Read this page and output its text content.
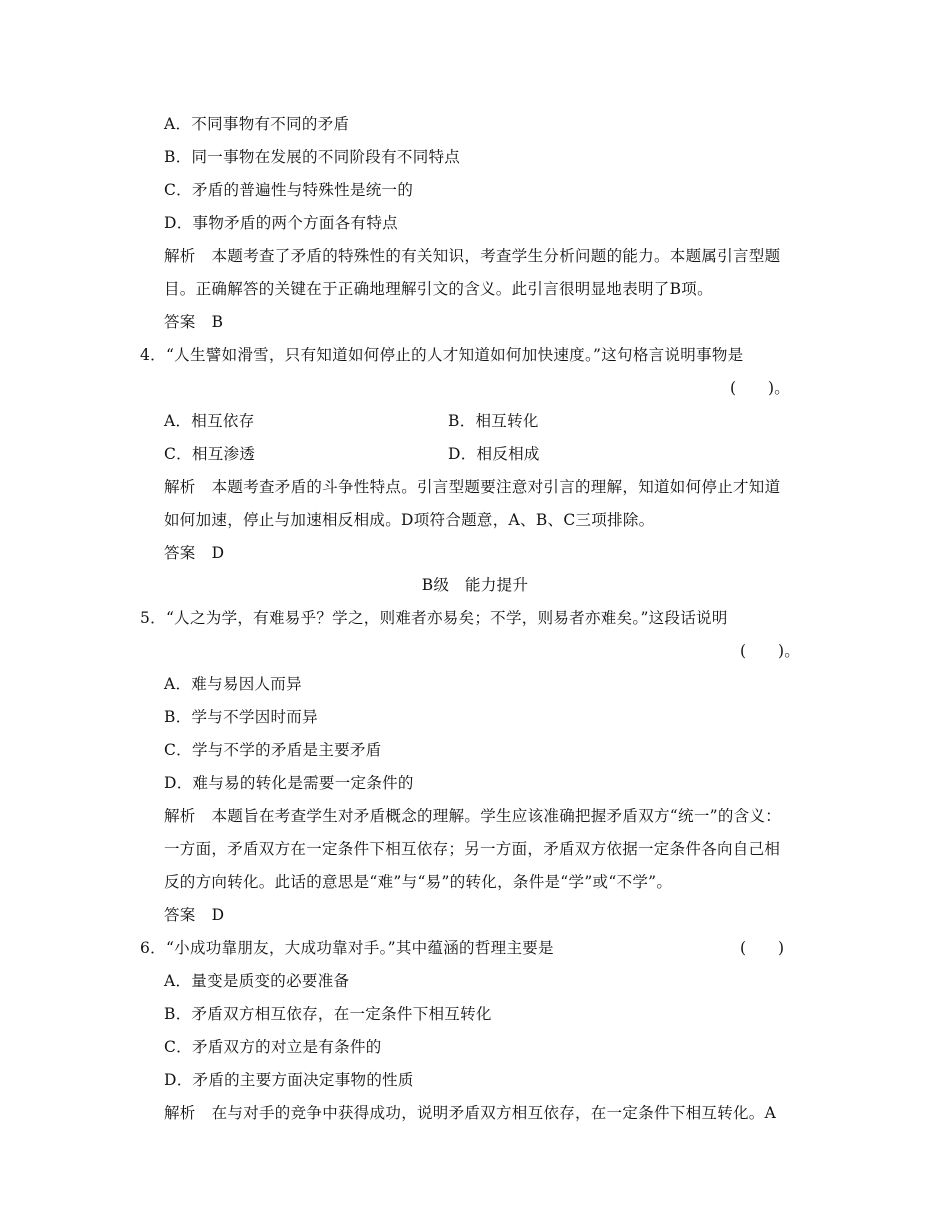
A．不同事物有不同的矛盾
B．同一事物在发展的不同阶段有不同特点
C．矛盾的普遍性与特殊性是统一的
D．事物矛盾的两个方面各有特点
解析 本题考查了矛盾的特殊性的有关知识，考查学生分析问题的能力。本题属引言型题
目。正确解答的关键在于正确地理解引文的含义。此引言很明显地表明了B项。
答案 B
4．“人生譬如滑雪，只有知道如何停止的人才知道如何加快速度。”这句格言说明事物是
(　　)。
A．相互依存	B．相互转化
C．相互渗透	D．相反相成
解析 本题考查矛盾的斗争性特点。引言型题要注意对引言的理解，知道如何停止才知道
如何加速，停止与加速相反相成。D项符合题意，A、B、C三项排除。
答案 D
B级　能力提升
5．“人之为学，有难易乎？学之，则难者亦易矣；不学，则易者亦难矣。”这段话说明
(　　)。
A．难与易因人而异
B．学与不学因时而异
C．学与不学的矛盾是主要矛盾
D．难与易的转化是需要一定条件的
解析 本题旨在考查学生对矛盾概念的理解。学生应该准确把握矛盾双方“统一”的含义：
一方面，矛盾双方在一定条件下相互依存；另一方面，矛盾双方依据一定条件各向自己相
反的方向转化。此话的意思是“难”与“易”的转化，条件是“学”或“不学”。
答案 D
6．“小成功靠朋友，大成功靠对手。”其中蕴涵的哲理主要是	(　　)
A．量变是质变的必要准备
B．矛盾双方相互依存，在一定条件下相互转化
C．矛盾双方的对立是有条件的
D．矛盾的主要方面决定事物的性质
解析 在与对手的竞争中获得成功，说明矛盾双方相互依存，在一定条件下相互转化。A
